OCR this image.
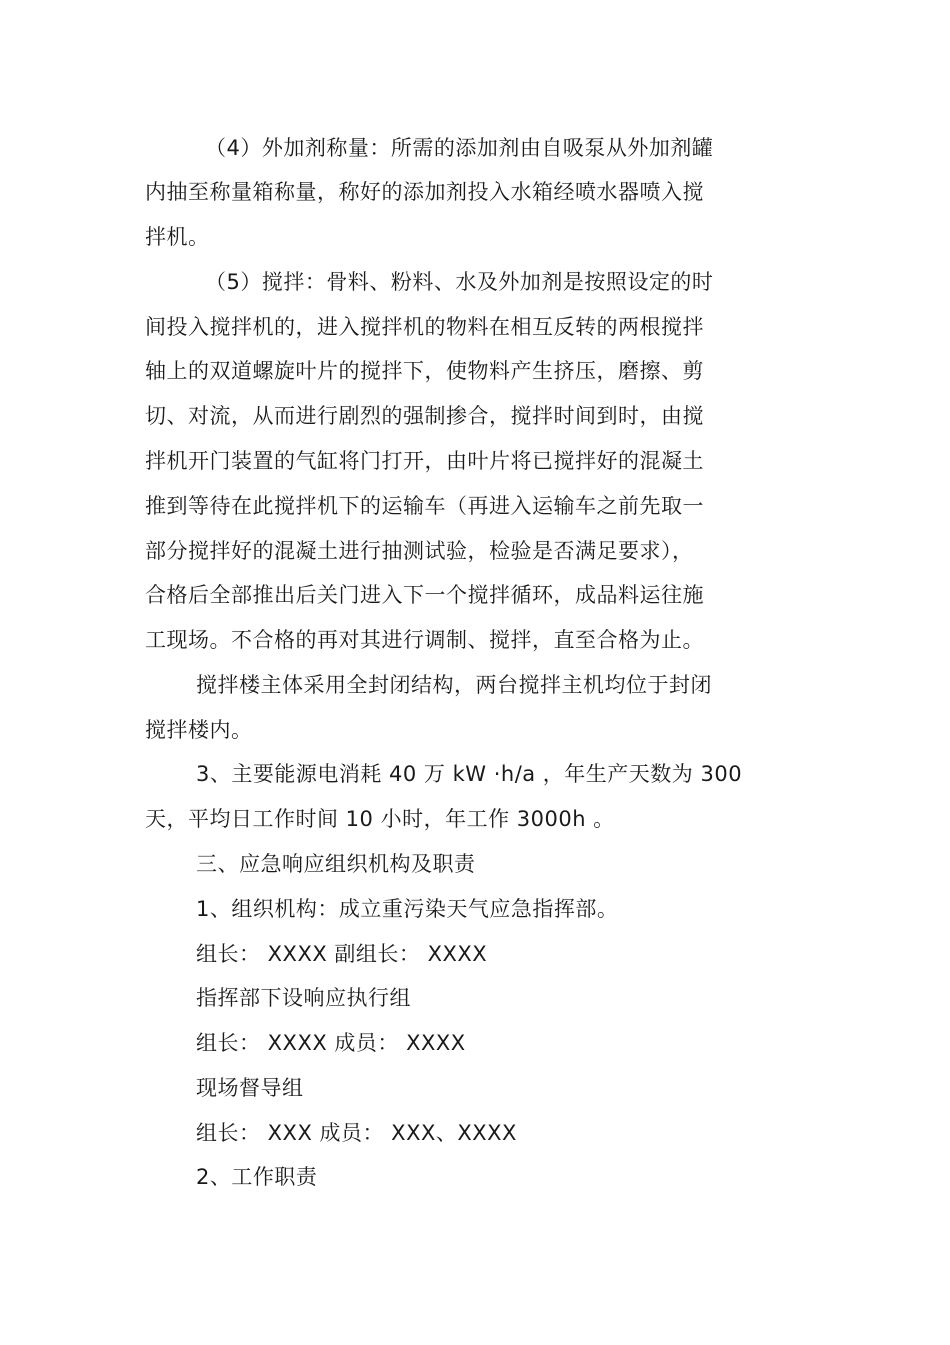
（4）外加剂称量：所需的添加剂由自吸泵从外加剂罐
内抽至称量箱称量，称好的添加剂投入水箱经喷水器喷入搅
拌机。
（5）搅拌：骨料、粉料、水及外加剂是按照设定的时
间投入搅拌机的，进入搅拌机的物料在相互反转的两根搅拌
轴上的双道螺旋叶片的搅拌下，使物料产生挤压，磨擦、剪
切、对流，从而进行剧烈的强制掺合，搅拌时间到时，由搅
拌机开门装置的气缸将门打开，由叶片将已搅拌好的混凝土
推到等待在此搅拌机下的运输车（再进入运输车之前先取一
部分搅拌好的混凝土进行抽测试验，检验是否满足要求），
合格后全部推出后关门进入下一个搅拌循环，成品料运往施
工现场。不合格的再对其进行调制、搅拌，直至合格为止。
搅拌楼主体采用全封闭结构，两台搅拌主机均位于封闭
搅拌楼内。
3、主要能源电消耗 40 万 kW ·h/a ，年生产天数为 300
天，平均日工作时间 10 小时，年工作 3000h 。
三、应急响应组织机构及职责
1、组织机构：成立重污染天气应急指挥部。
组长： XXXX 副组长： XXXX
指挥部下设响应执行组
组长： XXXX 成员： XXXX
现场督导组
组长： XXX 成员： XXX、XXXX
2、工作职责
